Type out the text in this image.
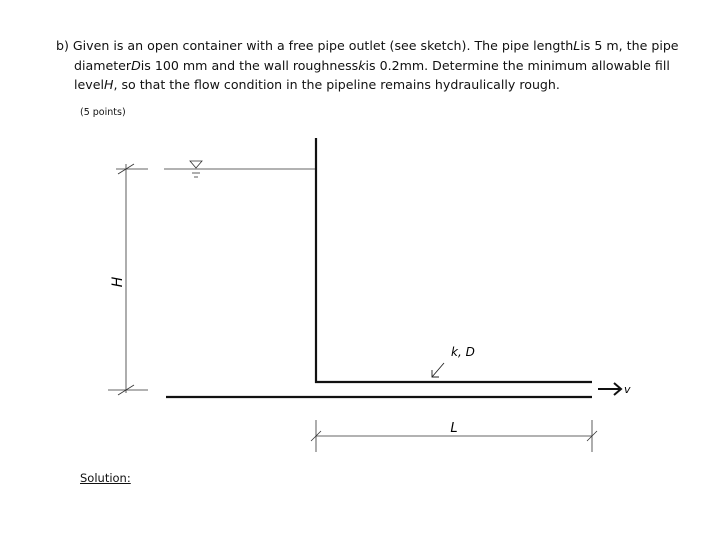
b) Given is an open container with a free pipe outlet (see sketch). The pipe lengthLis 5 m, the pipe

diameterDis 100 mm and the wall roughnesskis 0.2mm. Determine the minimum allowable fill

levelH, so that the flow condition in the pipeline remains hydraulically rough.

(5 points)
H
k, D
v
L
Solution:
